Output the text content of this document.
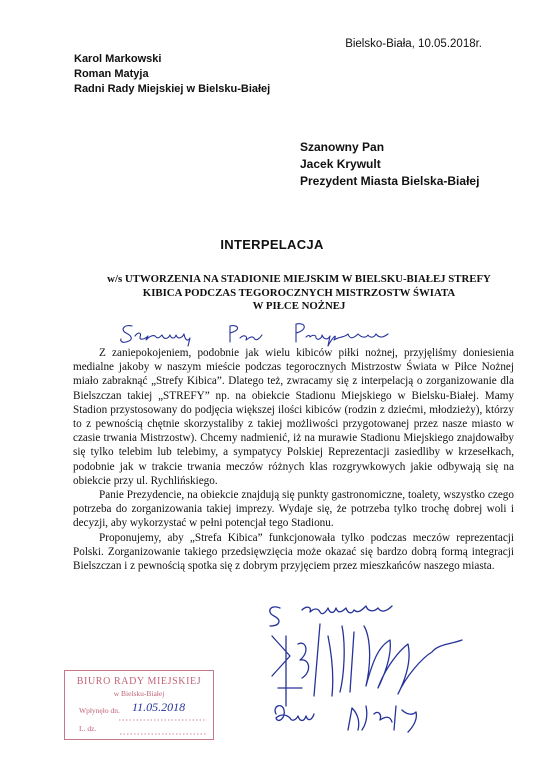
Bielsko-Biała, 10.05.2018r.
Karol Markowski
Roman Matyja
Radni Rady Miejskiej w Bielsku-Białej
Szanowny Pan
Jacek Krywult
Prezydent Miasta Bielska-Białej
INTERPELACJA
w/s UTWORZENIA NA STADIONIE MIEJSKIM W BIELSKU-BIAŁEJ STREFY
KIBICA PODCZAS TEGOROCZNYCH MISTRZOSTW ŚWIATA
W PIŁCE NOŻNEJ

Z zaniepokojeniem, podobnie jak wielu kibiców piłki nożnej, przyjęliśmy doniesienia medialne jakoby w naszym mieście podczas tegorocznych Mistrzostw Świata w Piłce Nożnej miało zabraknąć „Strefy Kibica”. Dlatego też, zwracamy się z interpelacją o zorganizowanie dla Bielszczan takiej „STREFY” np. na obiekcie Stadionu Miejskiego w Bielsku-Białej. Mamy Stadion przystosowany do podjęcia większej ilości kibiców (rodzin z dziećmi, młodzieży), którzy to z pewnością chętnie skorzystaliby z takiej możliwości przygotowanej przez nasze miasto w czasie trwania Mistrzostw). Chcemy nadmienić, iż na murawie Stadionu Miejskiego znajdowałby się tylko telebim lub telebimy, a sympatycy Polskiej Reprezentacji zasiedliby w krzesełkach, podobnie jak w trakcie trwania meczów różnych klas rozgrywkowych jakie odbywają się na obiekcie przy ul. Rychlińskiego.

Panie Prezydencie, na obiekcie znajdują się punkty gastronomiczne, toalety, wszystko czego potrzeba do zorganizowania takiej imprezy. Wydaje się, że potrzeba tylko trochę dobrej woli i decyzji, aby wykorzystać w pełni potencjał tego Stadionu.

Proponujemy, aby „Strefa Kibica” funkcjonowała tylko podczas meczów reprezentacji Polski. Zorganizowanie takiego przedsięwzięcia może okazać się bardzo dobrą formą integracji Bielszczan i z pewnością spotka się z dobrym przyjęciem przez mieszkańców naszego miasta.

BIURO RADY MIEJSKIEJ
w Bielsku-Białej
Wpłynęło dn. 11.05.2018
L. dz.
